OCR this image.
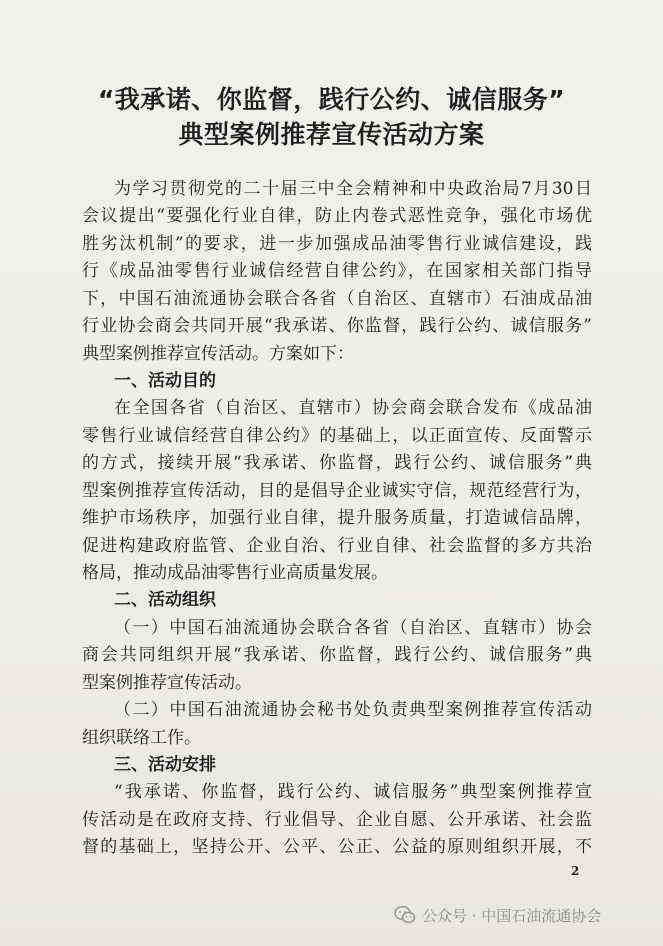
“我承诺、你监督，践行公约、诚信服务”
典型案例推荐宣传活动方案
为学习贯彻党的二十届三中全会精神和中央政治局7月30日
会议提出“要强化行业自律，防止内卷式恶性竞争，强化市场优
胜劣汰机制”的要求，进一步加强成品油零售行业诚信建设，践
行《成品油零售行业诚信经营自律公约》，在国家相关部门指导
下，中国石油流通协会联合各省（自治区、直辖市）石油成品油
行业协会商会共同开展“我承诺、你监督，践行公约、诚信服务”
典型案例推荐宣传活动。方案如下：
一、活动目的
在全国各省（自治区、直辖市）协会商会联合发布《成品油
零售行业诚信经营自律公约》的基础上，以正面宣传、反面警示
的方式，接续开展“我承诺、你监督，践行公约、诚信服务”典
型案例推荐宣传活动，目的是倡导企业诚实守信，规范经营行为，
维护市场秩序，加强行业自律，提升服务质量，打造诚信品牌，
促进构建政府监管、企业自治、行业自律、社会监督的多方共治
格局，推动成品油零售行业高质量发展。
二、活动组织
（一）中国石油流通协会联合各省（自治区、直辖市）协会
商会共同组织开展“我承诺、你监督，践行公约、诚信服务”典
型案例推荐宣传活动。
（二）中国石油流通协会秘书处负责典型案例推荐宣传活动
组织联络工作。
三、活动安排
“我承诺、你监督，践行公约、诚信服务”典型案例推荐宣
传活动是在政府支持、行业倡导、企业自愿、公开承诺、社会监
督的基础上，坚持公开、公平、公正、公益的原则组织开展，不
2
公众号 · 中国石油流通协会
